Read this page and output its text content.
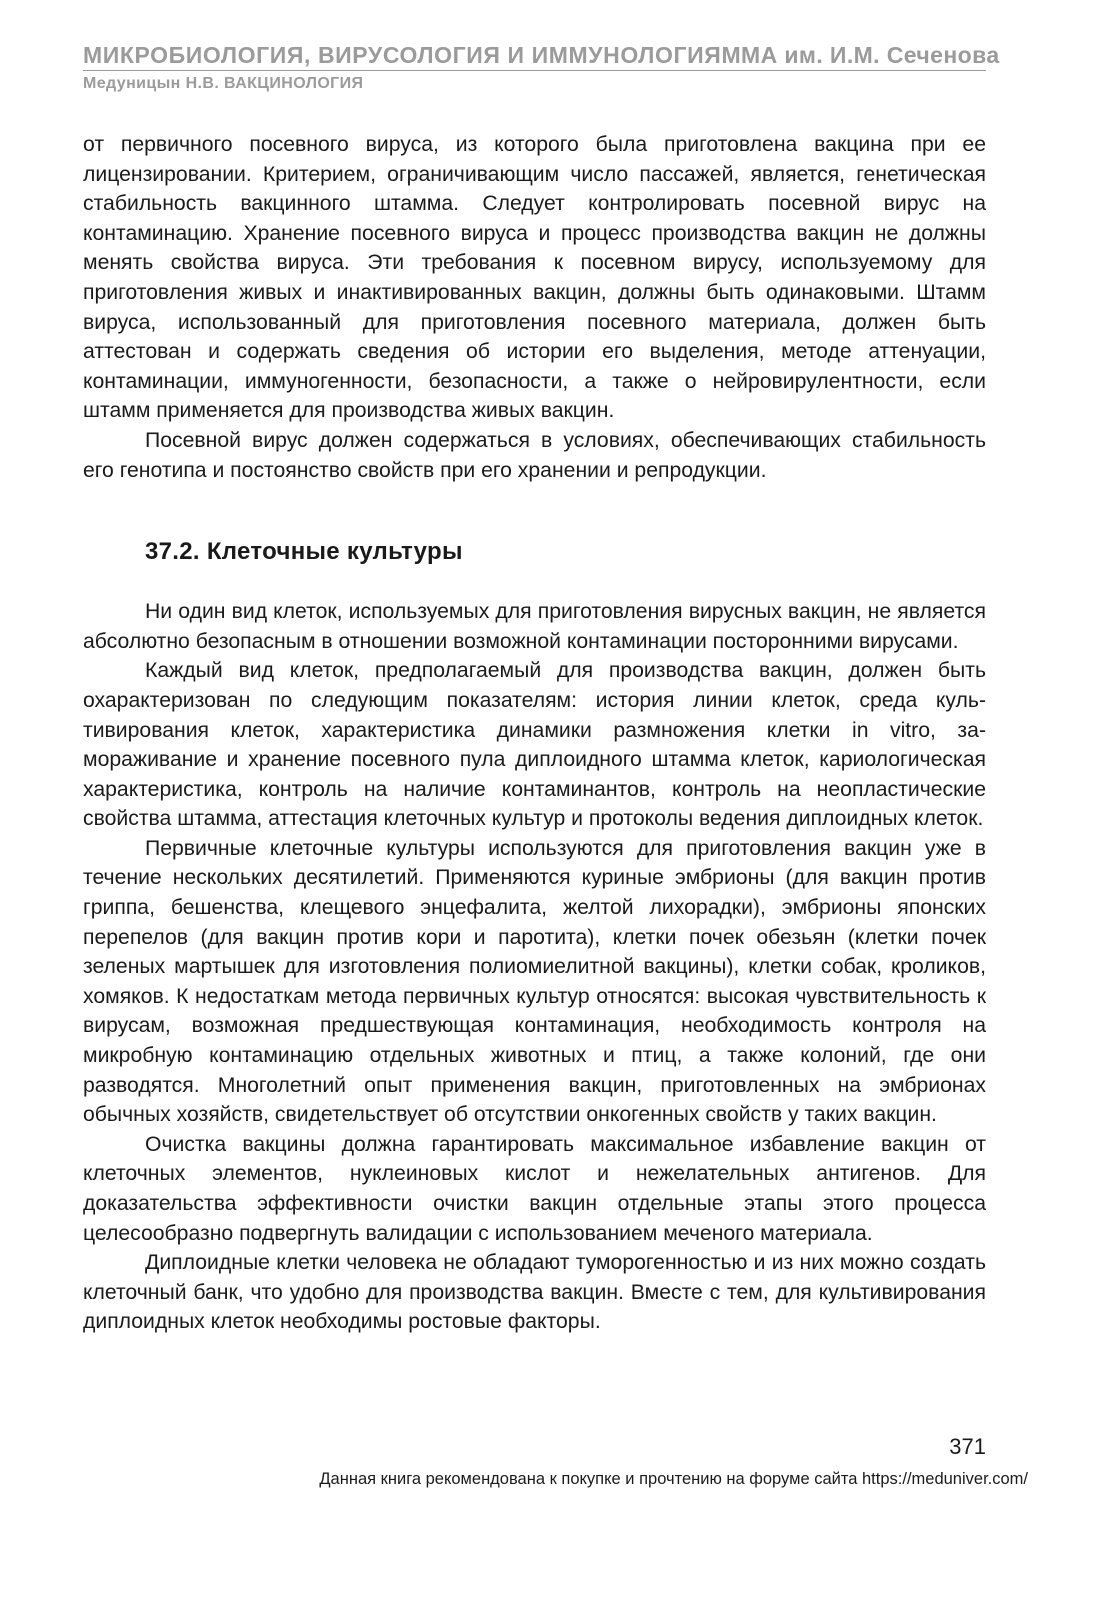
МИКРОБИОЛОГИЯ, ВИРУСОЛОГИЯ И ИММУНОЛОГИЯ ММА им. И.М. Сеченова
Медуницын Н.В. ВАКЦИНОЛОГИЯ

от первичного посевного вируса, из которого была приготовлена вакцина при ее лицензировании. Критерием, ограничивающим число пассажей, является, генетическая стабильность вакцинного штамма. Следует контролировать посевной вирус на контаминацию. Хранение посевного вируса и процесс производства вакцин не должны менять свойства вируса. Эти требования к посевном вирусу, используемому для приготовления живых и инактивированных вакцин, должны быть одинаковыми. Штамм вируса, использованный для приготовления посевного материала, должен быть аттестован и содержать сведения об истории его выделения, методе аттенуации, контаминации, иммуногенности, безопасности, а также о нейровирулентности, если штамм применяется для производства живых вакцин.

Посевной вирус должен содержаться в условиях, обеспечивающих стабильность его генотипа и постоянство свойств при его хранении и репродукции.

37.2. Клеточные культуры

Ни один вид клеток, используемых для приготовления вирусных вакцин, не является абсолютно безопасным в отношении возможной контаминации посторонними вирусами.

Каждый вид клеток, предполагаемый для производства вакцин, должен быть охарактеризован по следующим показателям: история линии клеток, среда культивирования клеток, характеристика динамики размножения клетки in vitro, замораживание и хранение посевного пула диплоидного штамма клеток, кариологическая характеристика, контроль на наличие контаминантов, контроль на неопластические свойства штамма, аттестация клеточных культур и протоколы ведения диплоидных клеток.

Первичные клеточные культуры используются для приготовления вакцин уже в течение нескольких десятилетий. Применяются куриные эмбрионы (для вакцин против гриппа, бешенства, клещевого энцефалита, желтой лихорадки), эмбрионы японских перепелов (для вакцин против кори и паротита), клетки почек обезьян (клетки почек зеленых мартышек для изготовления полиомиелитной вакцины), клетки собак, кроликов, хомяков. К недостаткам метода первичных культур относятся: высокая чувствительность к вирусам, возможная предшествующая контаминация, необходимость контроля на микробную контаминацию отдельных животных и птиц, а также колоний, где они разводятся. Многолетний опыт применения вакцин, приготовленных на эмбрионах обычных хозяйств, свидетельствует об отсутствии онкогенных свойств у таких вакцин.

Очистка вакцины должна гарантировать максимальное избавление вакцин от клеточных элементов, нуклеиновых кислот и нежелательных антигенов. Для доказательства эффективности очистки вакцин отдельные этапы этого процесса целесообразно подвергнуть валидации с использованием меченого материала.

Диплоидные клетки человека не обладают туморогенностью и из них можно создать клеточный банк, что удобно для производства вакцин. Вместе с тем, для культивирования диплоидных клеток необходимы ростовые факторы.

371
Данная книга рекомендована к покупке и прочтению на форуме сайта https://meduniver.com/
